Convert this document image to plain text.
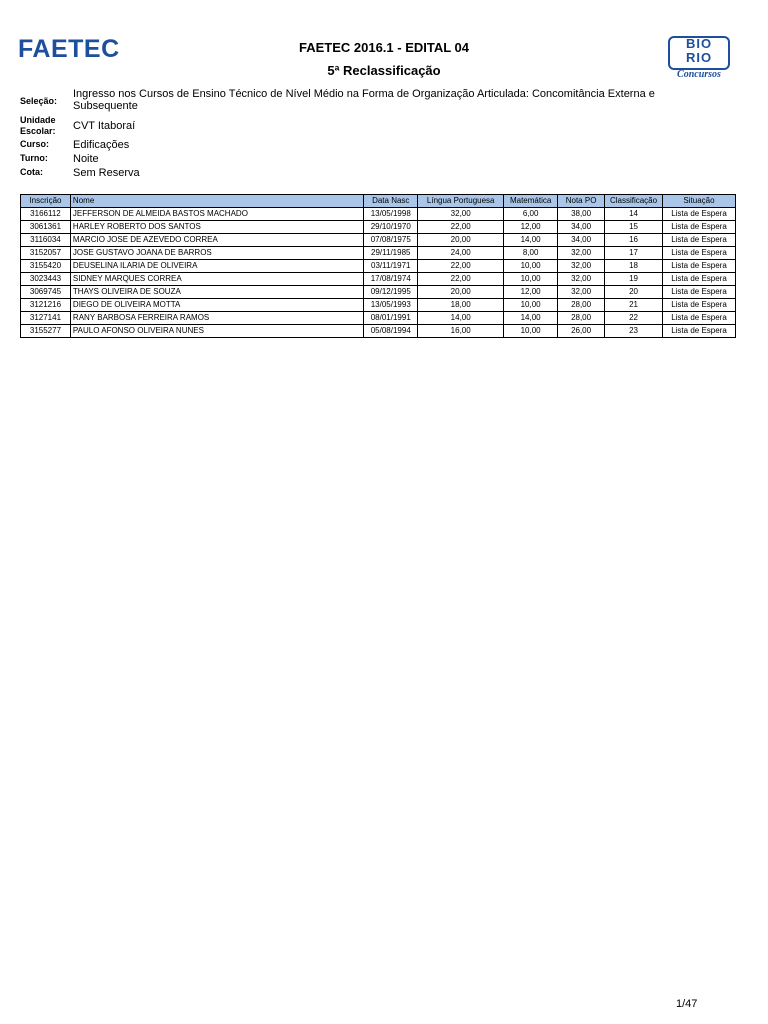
FAETEC	FAETEC 2016.1 - EDITAL 04
5ª Reclassificação
BIO
RIO
Concursos
Seleção:
Ingresso nos Cursos de Ensino Técnico de Nível Médio na Forma de Organização Articulada: Concomitância Externa e Subsequente
Unidade Escolar:	CVT Itaboraí
Curso:	Edificações
Turno:	Noite
Cota:	Sem Reserva
Inscrição	Nome	Data Nasc	Língua Portuguesa	Matemática	Nota PO	Classificação	Situação
3166112	JEFFERSON DE ALMEIDA BASTOS MACHADO	13/05/1998	32,00	6,00	38,00	14	Lista de Espera
3061361	HARLEY ROBERTO DOS SANTOS	29/10/1970	22,00	12,00	34,00	15	Lista de Espera
3116034	MARCIO JOSE DE AZEVEDO CORREA	07/08/1975	20,00	14,00	34,00	16	Lista de Espera
3152057	JOSE GUSTAVO JOANA DE BARROS	29/11/1985	24,00	8,00	32,00	17	Lista de Espera
3155420	DEUSELINA ILARIA DE OLIVEIRA	03/11/1971	22,00	10,00	32,00	18	Lista de Espera
3023443	SIDNEY MARQUES CORREA	17/08/1974	22,00	10,00	32,00	19	Lista de Espera
3069745	THAYS OLIVEIRA DE SOUZA	09/12/1995	20,00	12,00	32,00	20	Lista de Espera
3121216	DIEGO DE OLIVEIRA MOTTA	13/05/1993	18,00	10,00	28,00	21	Lista de Espera
3127141	RANY BARBOSA FERREIRA RAMOS	08/01/1991	14,00	14,00	28,00	22	Lista de Espera
3155277	PAULO AFONSO OLIVEIRA NUNES	05/08/1994	16,00	10,00	26,00	23	Lista de Espera
1/47
